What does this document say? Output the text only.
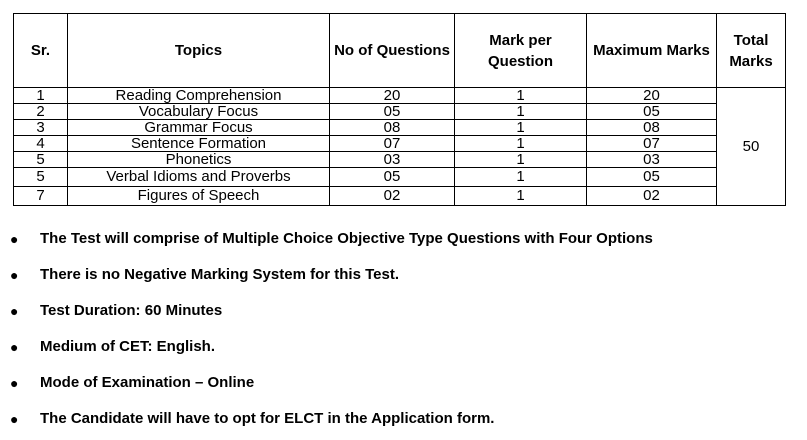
Sr.	Topics	No of Questions	Mark per Question	Maximum Marks	Total Marks
1	Reading Comprehension	20	1	20	50
2	Vocabulary Focus	05	1	05	
3	Grammar Focus	08	1	08	
4	Sentence Formation	07	1	07	
5	Phonetics	03	1	03	
5	Verbal Idioms and Proverbs	05	1	05	
7	Figures of Speech	02	1	02	
● The Test will comprise of Multiple Choice Objective Type Questions with Four Options
● There is no Negative Marking System for this Test.
● Test Duration: 60 Minutes
● Medium of CET: English.
● Mode of Examination – Online
● The Candidate will have to opt for ELCT in the Application form.
